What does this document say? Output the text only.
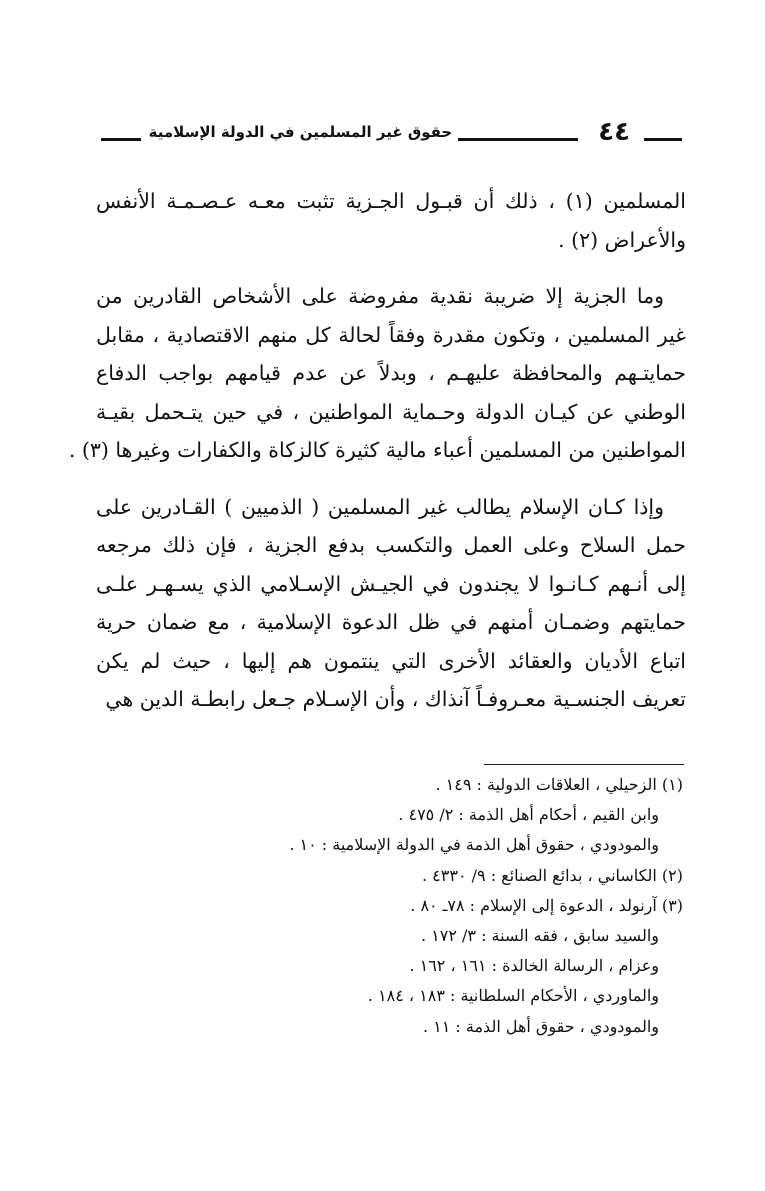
٤٤
حقوق غير المسلمين في الدولة الإسلامية

المسلمين (١) ، ذلك أن قبـول الجـزية تثبت معـه عـصـمـة الأنفس
والأعراض (٢) .

وما الجزية إلا ضريبة نقدية مفروضة على الأشخاص القادرين من
غير المسلمين ، وتكون مقدرة وفقاً لحالة كل منهم الاقتصادية ، مقابل
حمايتـهم والمحافظة عليهـم ، وبدلاً عن عدم قيامهم بواجب الدفاع
الوطني عن كيـان الدولة وحـماية المواطنين ، في حين يتـحمل بقيـة
المواطنين من المسلمين أعباء مالية كثيرة كالزكاة والكفارات وغيرها (٣) .

وإذا كـان الإسلام يطالب غير المسلمين ( الذميين ) القـادرين على
حمل السلاح وعلى العمل والتكسب بدفع الجزية ، فإن ذلك مرجعه
إلى أنـهم كـانـوا لا يجندون في الجيـش الإسـلامي الذي يسـهـر علـى
حمايتهم وضمـان أمنهم في ظل الدعوة الإسلامية ، مع ضمان حرية
اتباع الأديان والعقائد الأخرى التي ينتمون هم إليها ، حيث لم يكن
تعريف الجنسـية معـروفـاً آنذاك ، وأن الإسـلام جـعل رابطـة الدين هي

(١) الزحيلي ، العلاقات الدولية : ١٤٩ .

وابن القيم ، أحكام أهل الذمة : ٢/ ٤٧٥ .

والمودودي ، حقوق أهل الذمة في الدولة الإسلامية : ١٠ .

(٢) الكاساني ، بدائع الصنائع : ٩/ ٤٣٣٠ .

(٣) آرنولد ، الدعوة إلى الإسلام : ٧٨ـ ٨٠ .

والسيد سابق ، فقه السنة : ٣/ ١٧٢ .

وعزام ، الرسالة الخالدة : ١٦١ ، ١٦٢ .

والماوردي ، الأحكام السلطانية : ١٨٣ ، ١٨٤ .

والمودودي ، حقوق أهل الذمة : ١١ .
